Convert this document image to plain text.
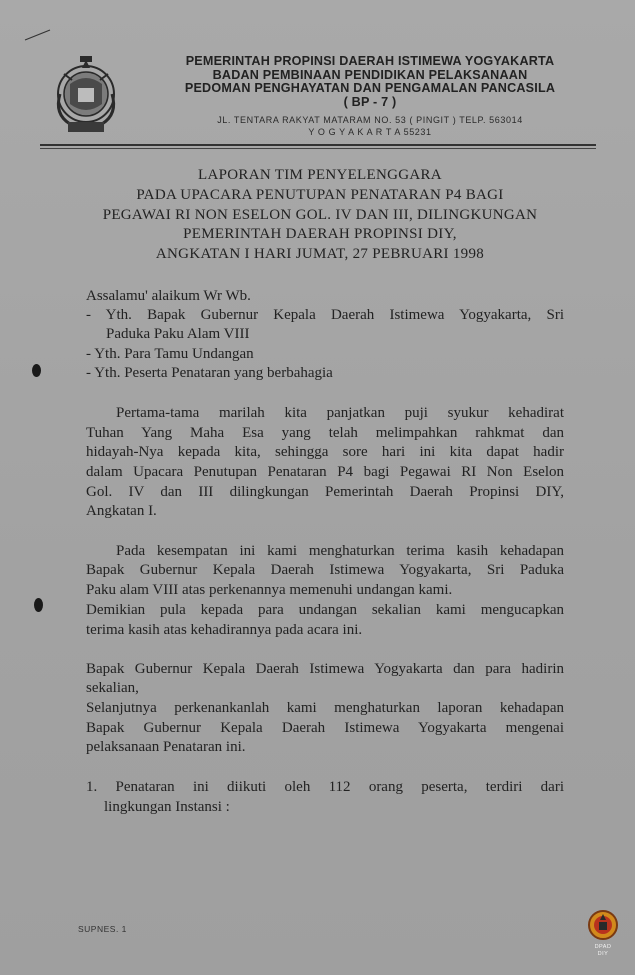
PEMERINTAH PROPINSI DAERAH ISTIMEWA YOGYAKARTA
BADAN PEMBINAAN PENDIDIKAN PELAKSANAAN
PEDOMAN PENGHAYATAN DAN PENGAMALAN PANCASILA
( BP - 7 )
JL. TENTARA RAKYAT MATARAM NO. 53 ( PINGIT ) TELP. 563014
Y O G Y A K A R T A 55231
LAPORAN TIM PENYELENGGARA
PADA UPACARA PENUTUPAN PENATARAN P4 BAGI
PEGAWAI RI NON ESELON GOL. IV DAN III, DILINGKUNGAN
PEMERINTAH DAERAH PROPINSI DIY,
ANGKATAN I HARI JUMAT, 27 PEBRUARI 1998
Assalamu' alaikum Wr Wb.
- Yth. Bapak Gubernur Kepala Daerah Istimewa Yogyakarta, Sri
Paduka Paku Alam VIII
- Yth. Para Tamu Undangan
- Yth. Peserta Penataran yang berbahagia
Pertama-tama marilah kita panjatkan puji syukur kehadirat
Tuhan Yang Maha Esa yang telah melimpahkan rahkmat dan
hidayah-Nya kepada kita, sehingga sore hari ini kita dapat hadir
dalam Upacara Penutupan Penataran P4 bagi Pegawai RI Non Eselon
Gol. IV dan III dilingkungan Pemerintah Daerah Propinsi DIY,
Angkatan I.
Pada kesempatan ini kami menghaturkan terima kasih kehadapan
Bapak Gubernur Kepala Daerah Istimewa Yogyakarta, Sri Paduka
Paku alam VIII atas perkenannya memenuhi undangan kami.
Demikian pula kepada para undangan sekalian kami mengucapkan
terima kasih atas kehadirannya pada acara ini.
Bapak Gubernur Kepala Daerah Istimewa Yogyakarta dan para hadirin
sekalian,
Selanjutnya perkenankanlah kami menghaturkan laporan kehadapan
Bapak Gubernur Kepala Daerah Istimewa Yogyakarta mengenai
pelaksanaan Penataran ini.
1. Penataran ini diikuti oleh 112 orang peserta, terdiri dari
lingkungan Instansi :
SUPNES. 1
DPAD
DIY
